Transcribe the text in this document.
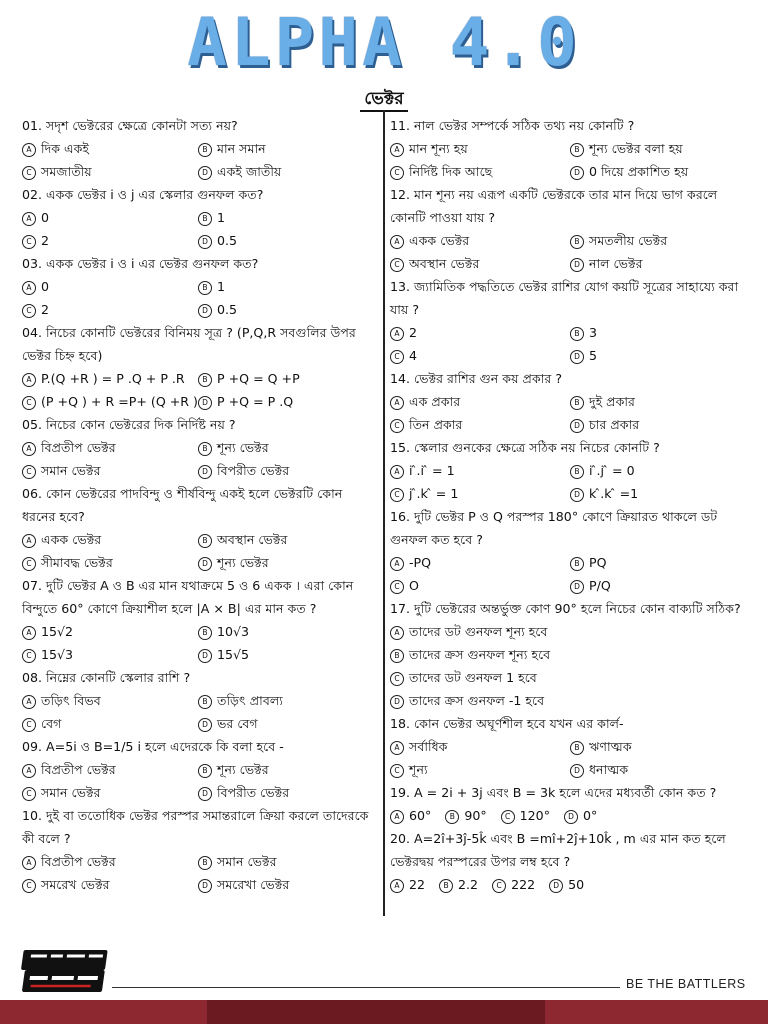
ALPHA 4.0
ভেক্টর
01. সদৃশ ভেক্টরের ক্ষেত্রে কোনটা সত্য নয়?
A দিক একই	B মান সমান
C সমজাতীয়	D একই জাতীয়
02. একক ভেক্টর i ও j এর স্কেলার গুনফল কত?
A 0	B 1
C 2	D 0.5
03. একক ভেক্টর i ও i এর ভেক্টর গুনফল কত?
A 0	B 1
C 2	D 0.5
04. নিচের কোনটি ভেক্টরের বিনিময় সূত্র ? (P,Q,R সবগুলির উপর ভেক্টর চিহ্ন হবে)
A P.(Q +R ) = P .Q + P .R	B P +Q = Q +P
C (P +Q ) + R =P+ (Q +R ) D P +Q = P .Q
05. নিচের কোন ভেক্টরের দিক নির্দিষ্ট নয় ?
A বিপ্রতীপ ভেক্টর	B শূন্য ভেক্টর
C সমান ভেক্টর	D বিপরীত ভেক্টর
06. কোন ভেক্টরের পাদবিন্দু ও শীর্ষবিন্দু একই হলে ভেক্টরটি কোন ধরনের হবে?
A একক ভেক্টর	B অবস্থান ভেক্টর
C সীমাবদ্ধ ভেক্টর	D শূন্য ভেক্টর
07. দুটি ভেক্টর A ও B এর মান যথাক্রমে 5 ও 6 একক । এরা কোন বিন্দুতে 60° কোণে ক্রিয়াশীল হলে |A × B| এর মান কত ?
A 15√2	B 10√3
C 15√3	D 15√5
08. নিম্নের কোনটি স্কেলার রাশি ?
A তড়িৎ বিভব	B তড়িৎ প্রাবল্য
C বেগ	D ভর বেগ
09. A=5i ও B=1/5 i হলে এদেরকে কি বলা হবে -
A বিপ্রতীপ ভেক্টর	B শূন্য ভেক্টর
C সমান ভেক্টর	D বিপরীত ভেক্টর
10. দুই বা ততোধিক ভেক্টর পরস্পর সমান্তরালে ক্রিয়া করলে তাদেরকে কী বলে ?
A বিপ্রতীপ ভেক্টর	B সমান ভেক্টর
C সমরেখ ভেক্টর	D সমরেখা ভেক্টর
11. নাল ভেক্টর সম্পর্কে সঠিক তথ্য নয় কোনটি ?
A মান শূন্য হয়	B শূন্য ভেক্টর বলা হয়
C নির্দিষ্ট দিক আছে	D 0 দিয়ে প্রকাশিত হয়
12. মান শূন্য নয় এরূপ একটি ভেক্টরকে তার মান দিয়ে ভাগ করলে কোনটি পাওয়া যায় ?
A একক ভেক্টর	B সমতলীয় ভেক্টর
C অবস্থান ভেক্টর	D নাল ভেক্টর
13. জ্যামিতিক পদ্ধতিতে ভেক্টর রাশির যোগ কয়টি সূত্রের সাহায্যে করা যায় ?
A 2	B 3
C 4	D 5
14. ভেক্টর রাশির গুন কয় প্রকার ?
A এক প্রকার	B দুই প্রকার
C তিন প্রকার	D চার প্রকার
15. স্কেলার গুনকের ক্ষেত্রে সঠিক নয় নিচের কোনটি ?
A i ̂.i ̂ = 1	B i ̂.j ̂ = 0
C j ̂.k ̂ = 1	D k ̂.k ̂ =1
16. দুটি ভেক্টর P ও Q পরস্পর 180° কোণে ক্রিয়ারত থাকলে ডট গুনফল কত হবে ?
A -PQ	B PQ
C O	D P/Q
17. দুটি ভেক্টরের অন্তর্ভুক্ত কোণ 90° হলে নিচের কোন বাক্যটি সঠিক?
A তাদের ডট গুনফল শূন্য হবে
B তাদের ক্রস গুনফল শূন্য হবে
C তাদের ডট গুনফল 1 হবে
D তাদের ক্রস গুনফল -1 হবে
18. কোন ভেক্টর অঘূর্ণশীল হবে যখন এর কার্ল-
A সর্বাধিক	B ঋণাত্মক
C শূন্য	D ধনাত্মক
19. A = 2i + 3j এবং B = 3k হলে এদের মধ্যবর্তী কোন কত ?
A 60°	B 90°	C 120°	D 0°
20. A=2î+3ĵ-5k̂ এবং B =mî+2ĵ+10k̂ , m এর মান কত হলে ভেক্টরদ্বয় পরস্পরের উপর লম্ব হবে ?
A 22	B 2.2	C 222	D 50
BE THE BATTLERS
